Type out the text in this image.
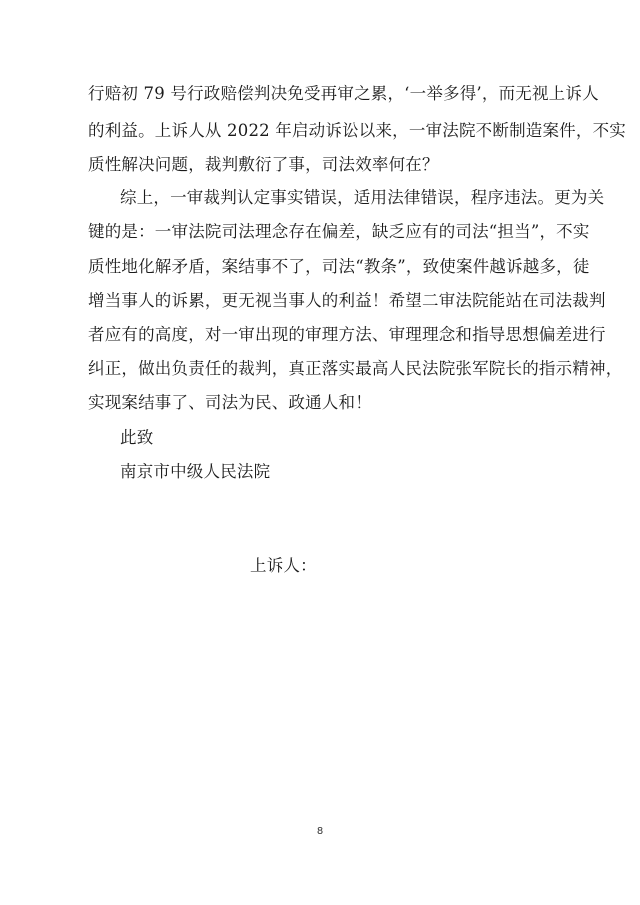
行赔初 79 号行政赔偿判决免受再审之累，‘一举多得’，而无视上诉人
的利益。上诉人从 2022 年启动诉讼以来，一审法院不断制造案件，不实
质性解决问题，裁判敷衍了事，司法效率何在？
综上，一审裁判认定事实错误，适用法律错误，程序违法。更为关
键的是：一审法院司法理念存在偏差，缺乏应有的司法“担当”，不实
质性地化解矛盾，案结事不了，司法“教条”，致使案件越诉越多，徒
增当事人的诉累，更无视当事人的利益！希望二审法院能站在司法裁判
者应有的高度，对一审出现的审理方法、审理理念和指导思想偏差进行
纠正，做出负责任的裁判，真正落实最高人民法院张军院长的指示精神，
实现案结事了、司法为民、政通人和！
此致
南京市中级人民法院
上诉人：
8
